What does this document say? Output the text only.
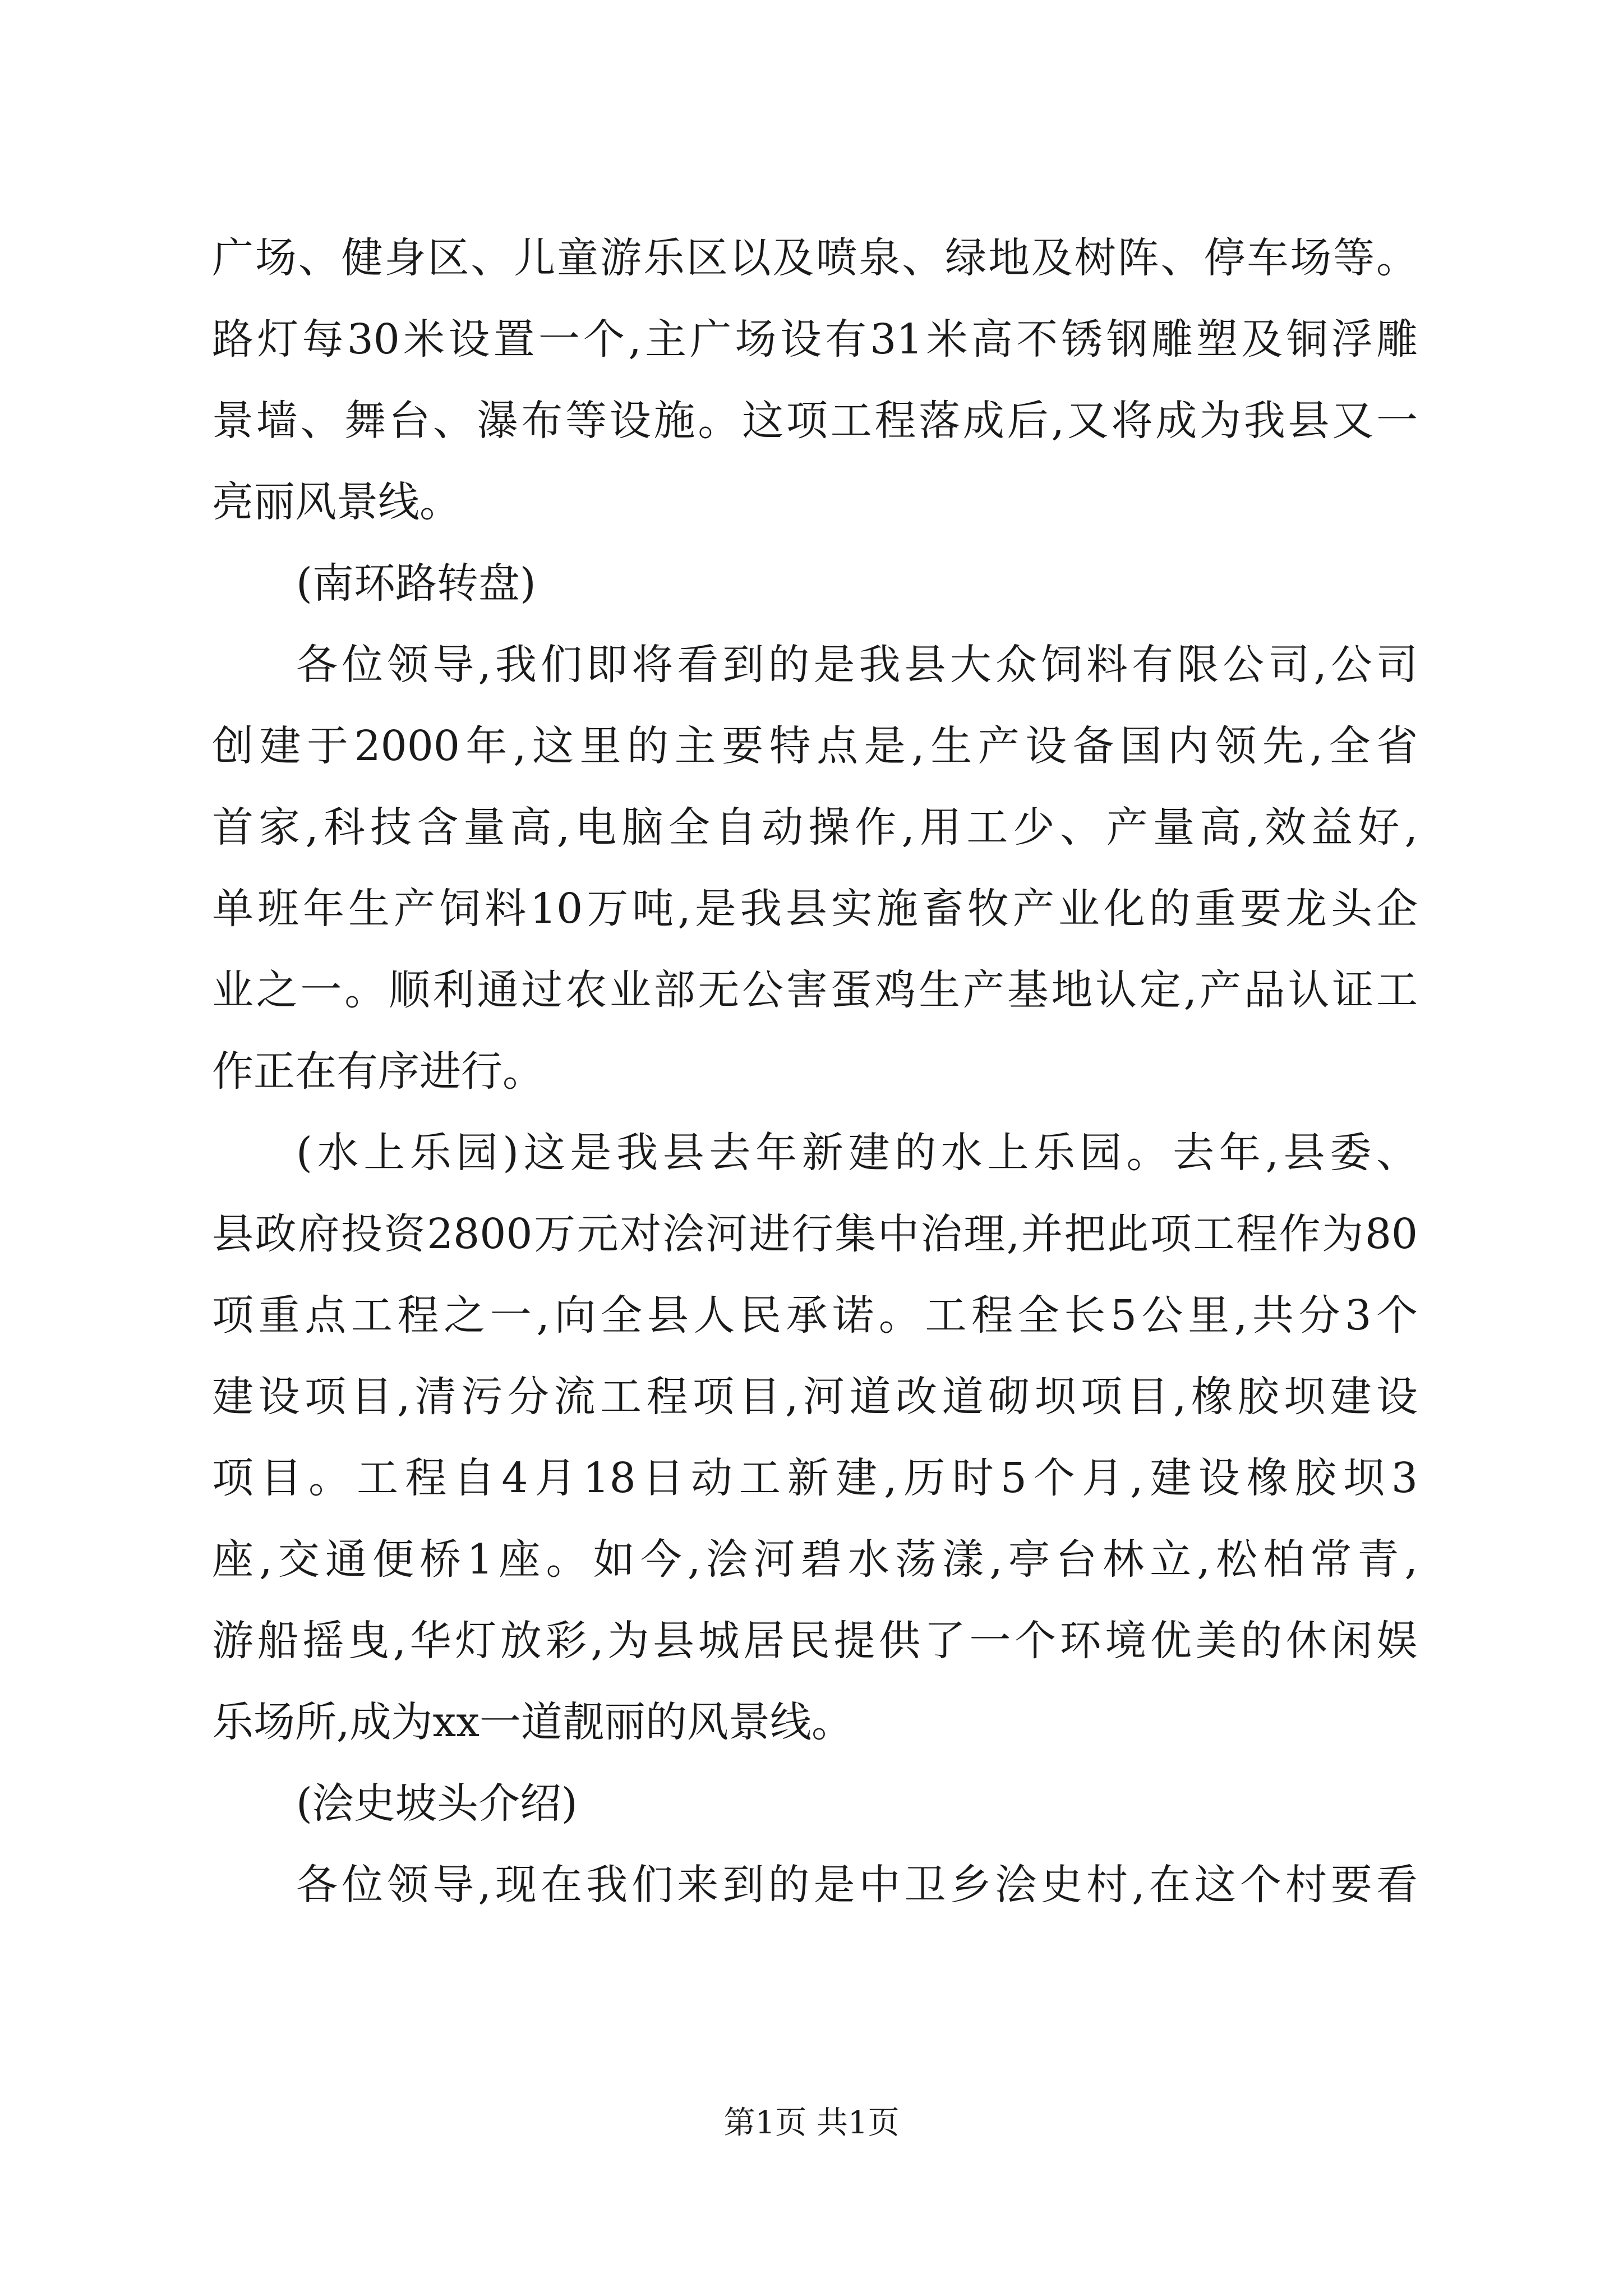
广场、健身区、儿童游乐区以及喷泉、绿地及树阵、停车场等。
路灯每30米设置一个,主广场设有31米高不锈钢雕塑及铜浮雕
景墙、舞台、瀑布等设施。这项工程落成后,又将成为我县又一
亮丽风景线。
(南环路转盘)
各位领导,我们即将看到的是我县大众饲料有限公司,公司
创建于2000年,这里的主要特点是,生产设备国内领先,全省
首家,科技含量高,电脑全自动操作,用工少、产量高,效益好,
单班年生产饲料10万吨,是我县实施畜牧产业化的重要龙头企
业之一。顺利通过农业部无公害蛋鸡生产基地认定,产品认证工
作正在有序进行。
(水上乐园)这是我县去年新建的水上乐园。去年,县委、
县政府投资2800万元对浍河进行集中治理,并把此项工程作为80
项重点工程之一,向全县人民承诺。工程全长5公里,共分3个
建设项目,清污分流工程项目,河道改道砌坝项目,橡胶坝建设
项目。工程自4月18日动工新建,历时5个月,建设橡胶坝3
座,交通便桥1座。如今,浍河碧水荡漾,亭台林立,松柏常青,
游船摇曳,华灯放彩,为县城居民提供了一个环境优美的休闲娱
乐场所,成为xx一道靓丽的风景线。
(浍史坡头介绍)
各位领导,现在我们来到的是中卫乡浍史村,在这个村要看
第1页 共1页
